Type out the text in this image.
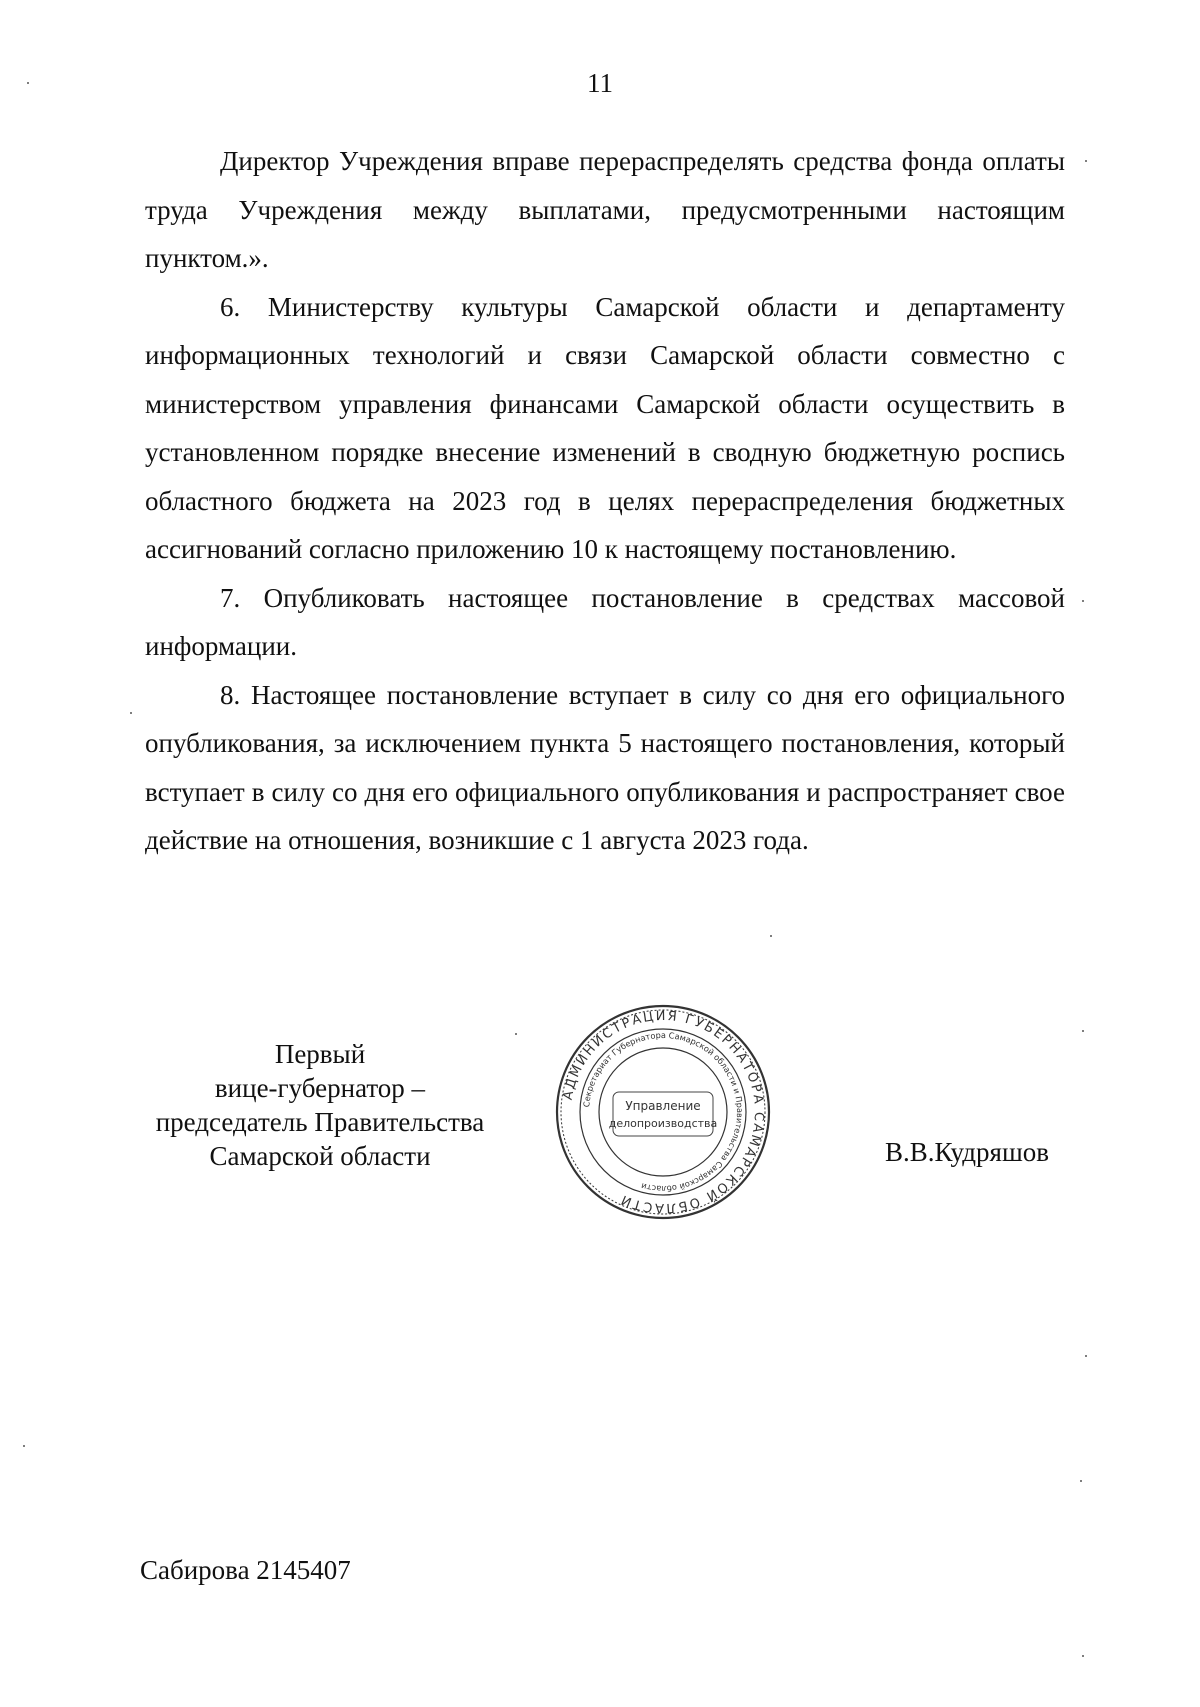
11

Директор Учреждения вправе перераспределять средства фонда оплаты труда Учреждения между выплатами, предусмотренными настоящим пунктом.».

6. Министерству культуры Самарской области и департаменту информационных технологий и связи Самарской области совместно с министерством управления финансами Самарской области осуществить в установленном порядке внесение изменений в сводную бюджетную роспись областного бюджета на 2023 год в целях перераспределения бюджетных ассигнований согласно приложению 10 к настоящему постановлению.

7. Опубликовать настоящее постановление в средствах массовой информации.

8. Настоящее постановление вступает в силу со дня его официального опубликования, за исключением пункта 5 настоящего постановления, который вступает в силу со дня его официального опубликования и распространяет свое действие на отношения, возникшие с 1 августа 2023 года.

Первый
вице-губернатор –
председатель Правительства
Самарской области
АДМИНИСТРАЦИЯ ГУБЕРНАТОРА САМАРСКОЙ ОБЛАСТИ
Секретариат Губернатора Самарской области и Правительства Самарской области
Управление
делопроизводства
В.В.Кудряшов
Сабирова 2145407
